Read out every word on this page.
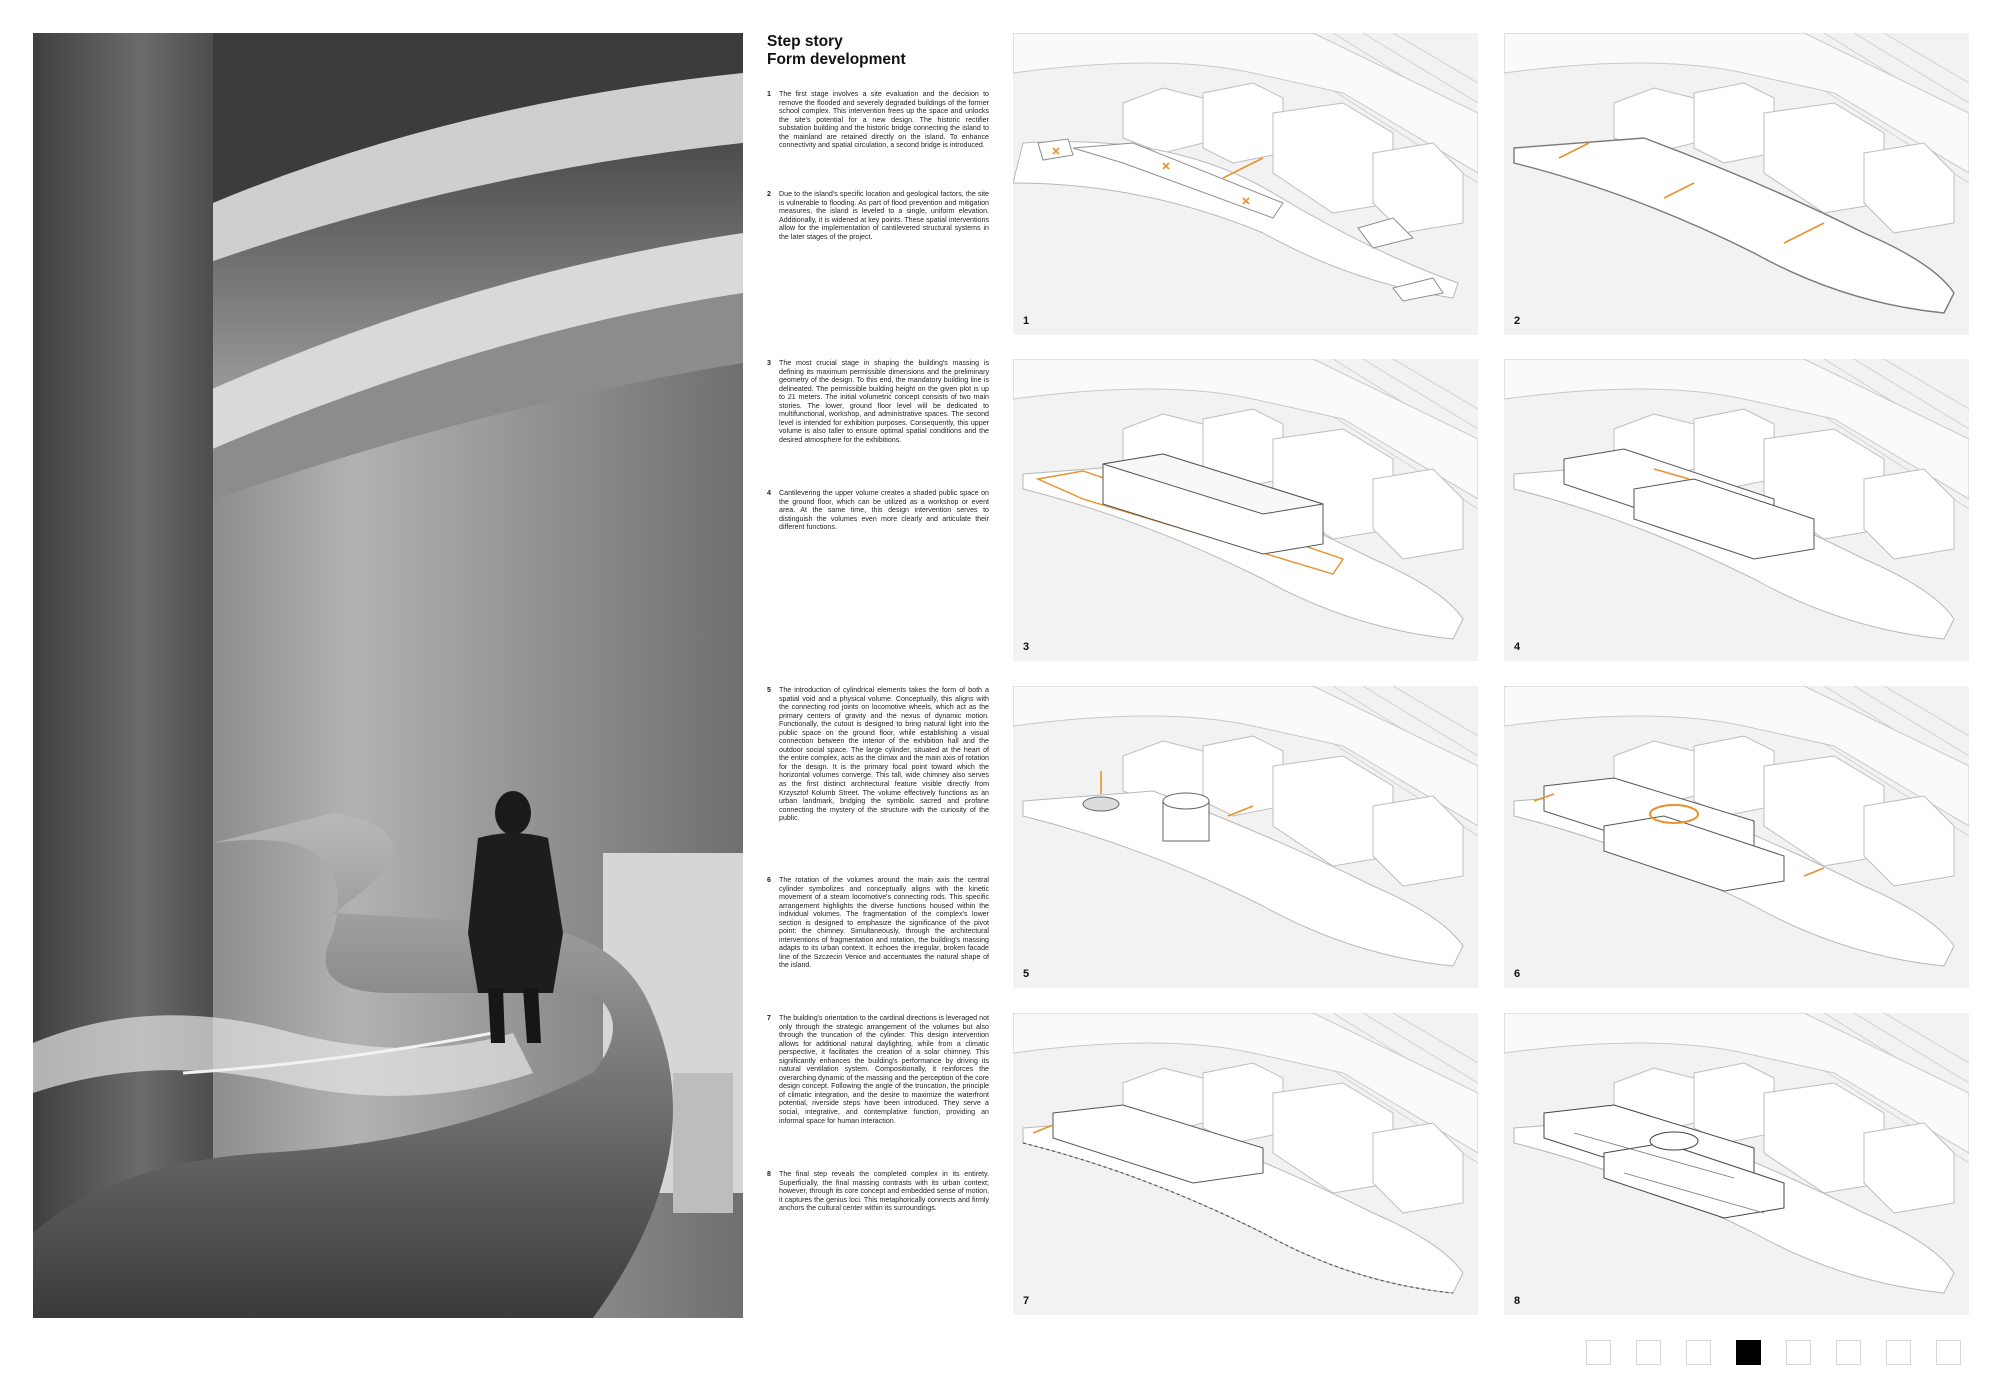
Step story
Form development
1	The first stage involves a site evaluation and the decision to remove the flooded and severely degraded buildings of the former school complex. This intervention frees up the space and unlocks the site's potential for a new design. The historic rectifier substation building and the historic bridge connecting the island to the mainland are retained directly on the island. To enhance connectivity and spatial circulation, a second bridge is introduced.
2	Due to the island's specific location and geological factors, the site is vulnerable to flooding. As part of flood prevention and mitigation measures, the island is leveled to a single, uniform elevation. Additionally, it is widened at key points. These spatial interventions allow for the implementation of cantilevered structural systems in the later stages of the project.
3	The most crucial stage in shaping the building's massing is defining its maximum permissible dimensions and the preliminary geometry of the design. To this end, the mandatory building line is delineated. The permissible building height on the given plot is up to 21 meters. The initial volumetric concept consists of two main stories. The lower, ground floor level will be dedicated to multifunctional, workshop, and administrative spaces. The second level is intended for exhibition purposes. Consequently, this upper volume is also taller to ensure optimal spatial conditions and the desired atmosphere for the exhibitions.
4	Cantilevering the upper volume creates a shaded public space on the ground floor, which can be utilized as a workshop or event area. At the same time, this design intervention serves to distinguish the volumes even more clearly and articulate their different functions.
5	The introduction of cylindrical elements takes the form of both a spatial void and a physical volume. Conceptually, this aligns with the connecting rod joints on locomotive wheels, which act as the primary centers of gravity and the nexus of dynamic motion. Functionally, the cutout is designed to bring natural light into the public space on the ground floor, while establishing a visual connection between the interior of the exhibition hall and the outdoor social space. The large cylinder, situated at the heart of the entire complex, acts as the climax and the main axis of rotation for the design. It is the primary focal point toward which the horizontal volumes converge. This tall, wide chimney also serves as the first distinct architectural feature visible directly from Krzysztof Kolumb Street. The volume effectively functions as an urban landmark, bridging the symbolic sacred and profane connecting the mystery of the structure with the curiosity of the public.
6	The rotation of the volumes around the main axis the central cylinder symbolizes and conceptually aligns with the kinetic movement of a steam locomotive's connecting rods. This specific arrangement highlights the diverse functions housed within the individual volumes. The fragmentation of the complex's lower section is designed to emphasize the significance of the pivot point: the chimney. Simultaneously, through the architectural interventions of fragmentation and rotation, the building's massing adapts to its urban context. It echoes the irregular, broken facade line of the Szczecin Venice and accentuates the natural shape of the island.
7	The building's orientation to the cardinal directions is leveraged not only through the strategic arrangement of the volumes but also through the truncation of the cylinder. This design intervention allows for additional natural daylighting, while from a climatic perspective, it facilitates the creation of a solar chimney. This significantly enhances the building's performance by driving its natural ventilation system. Compositionally, it reinforces the overarching dynamic of the massing and the perception of the core design concept. Following the angle of the truncation, the principle of climatic integration, and the desire to maximize the waterfront potential, riverside steps have been introduced. They serve a social, integrative, and contemplative function, providing an informal space for human interaction.
8	The final step reveals the completed complex in its entirety. Superficially, the final massing contrasts with its urban context; however, through its core concept and embedded sense of motion, it captures the genius loci. This metaphorically connects and firmly anchors the cultural center within its surroundings.
1	2
3	4
5	6
7	8
